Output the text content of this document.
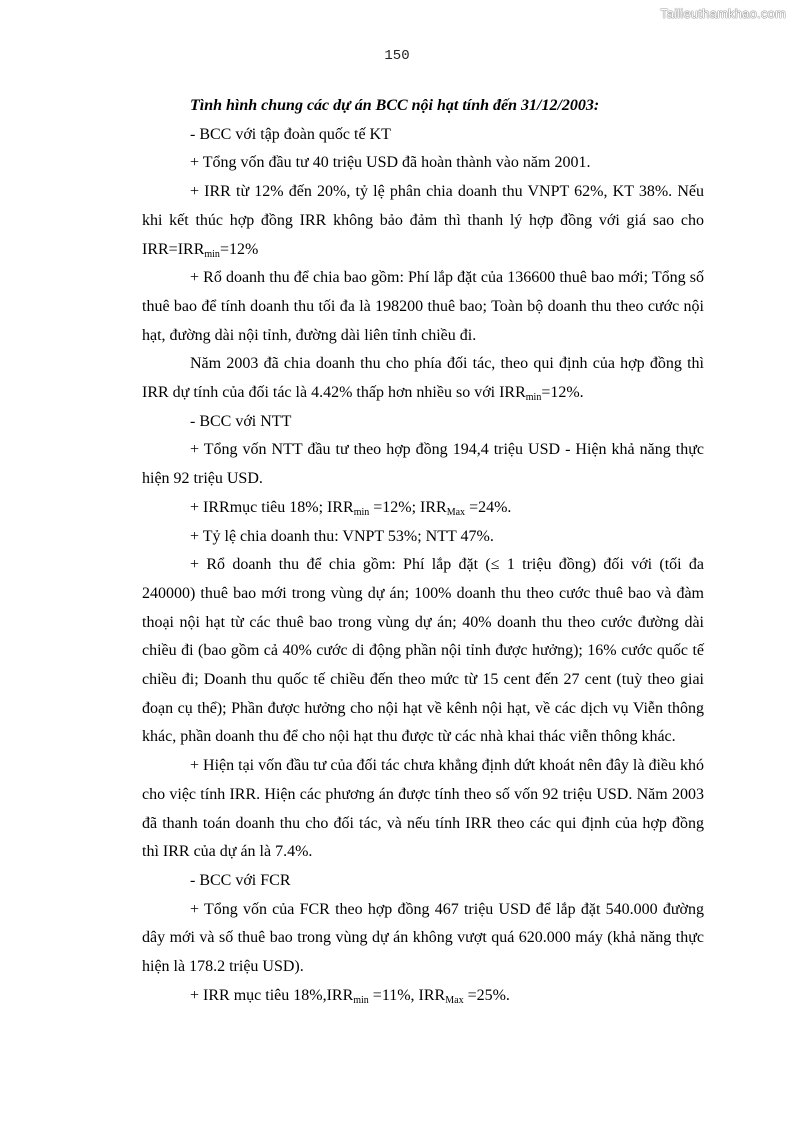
Tailieuthamkhao.com
150

Tình hình chung các dự án BCC nội hạt tính đến 31/12/2003:

- BCC với tập đoàn quốc tế KT

+ Tổng vốn đầu tư 40 triệu USD đã hoàn thành vào năm 2001.

+ IRR từ 12% đến 20%, tỷ lệ phân chia doanh thu VNPT 62%, KT 38%. Nếu khi kết thúc hợp đồng IRR không bảo đảm thì thanh lý hợp đồng với giá sao cho $IRR=IRR_{min}=12\%$

+ Rổ doanh thu để chia bao gồm: Phí lắp đặt của 136600 thuê bao mới; Tổng số thuê bao để tính doanh thu tối đa là 198200 thuê bao; Toàn bộ doanh thu theo cước nội hạt, đường dài nội tỉnh, đường dài liên tỉnh chiều đi.

Năm 2003 đã chia doanh thu cho phía đối tác, theo qui định của hợp đồng thì IRR dự tính của đối tác là 4.42% thấp hơn nhiều so với $IRR_{min}=12\%$.

- BCC với NTT

+ Tổng vốn NTT đầu tư theo hợp đồng 194,4 triệu USD - Hiện khả năng thực hiện 92 triệu USD.

+ IRRmục tiêu 18%; $IRR_{min} =12\%$; $IRR_{Max} =24\%$.

+ Tỷ lệ chia doanh thu: VNPT 53%; NTT 47%.

+ Rổ doanh thu để chia gồm: Phí lắp đặt (≤ 1 triệu đồng) đối với (tối đa 240000) thuê bao mới trong vùng dự án; 100% doanh thu theo cước thuê bao và đàm thoại nội hạt từ các thuê bao trong vùng dự án; 40% doanh thu theo cước đường dài chiều đi (bao gồm cả 40% cước di động phần nội tỉnh được hưởng); 16% cước quốc tế chiều đi; Doanh thu quốc tế chiều đến theo mức từ 15 cent đến 27 cent (tuỳ theo giai đoạn cụ thể); Phần được hưởng cho nội hạt về kênh nội hạt, về các dịch vụ Viễn thông khác, phần doanh thu để cho nội hạt thu được từ các nhà khai thác viễn thông khác.

+ Hiện tại vốn đầu tư của đối tác chưa khẳng định dứt khoát nên đây là điều khó cho việc tính IRR. Hiện các phương án được tính theo số vốn 92 triệu USD. Năm 2003 đã thanh toán doanh thu cho đối tác, và nếu tính IRR theo các qui định của hợp đồng thì IRR của dự án là 7.4%.

- BCC với FCR

+ Tổng vốn của FCR theo hợp đồng 467 triệu USD để lắp đặt 540.000 đường dây mới và số thuê bao trong vùng dự án không vượt quá 620.000 máy (khả năng thực hiện là 178.2 triệu USD).

+ IRR mục tiêu $18\%,IRR_{min} =11\%$, $IRR_{Max} =25\%$.
